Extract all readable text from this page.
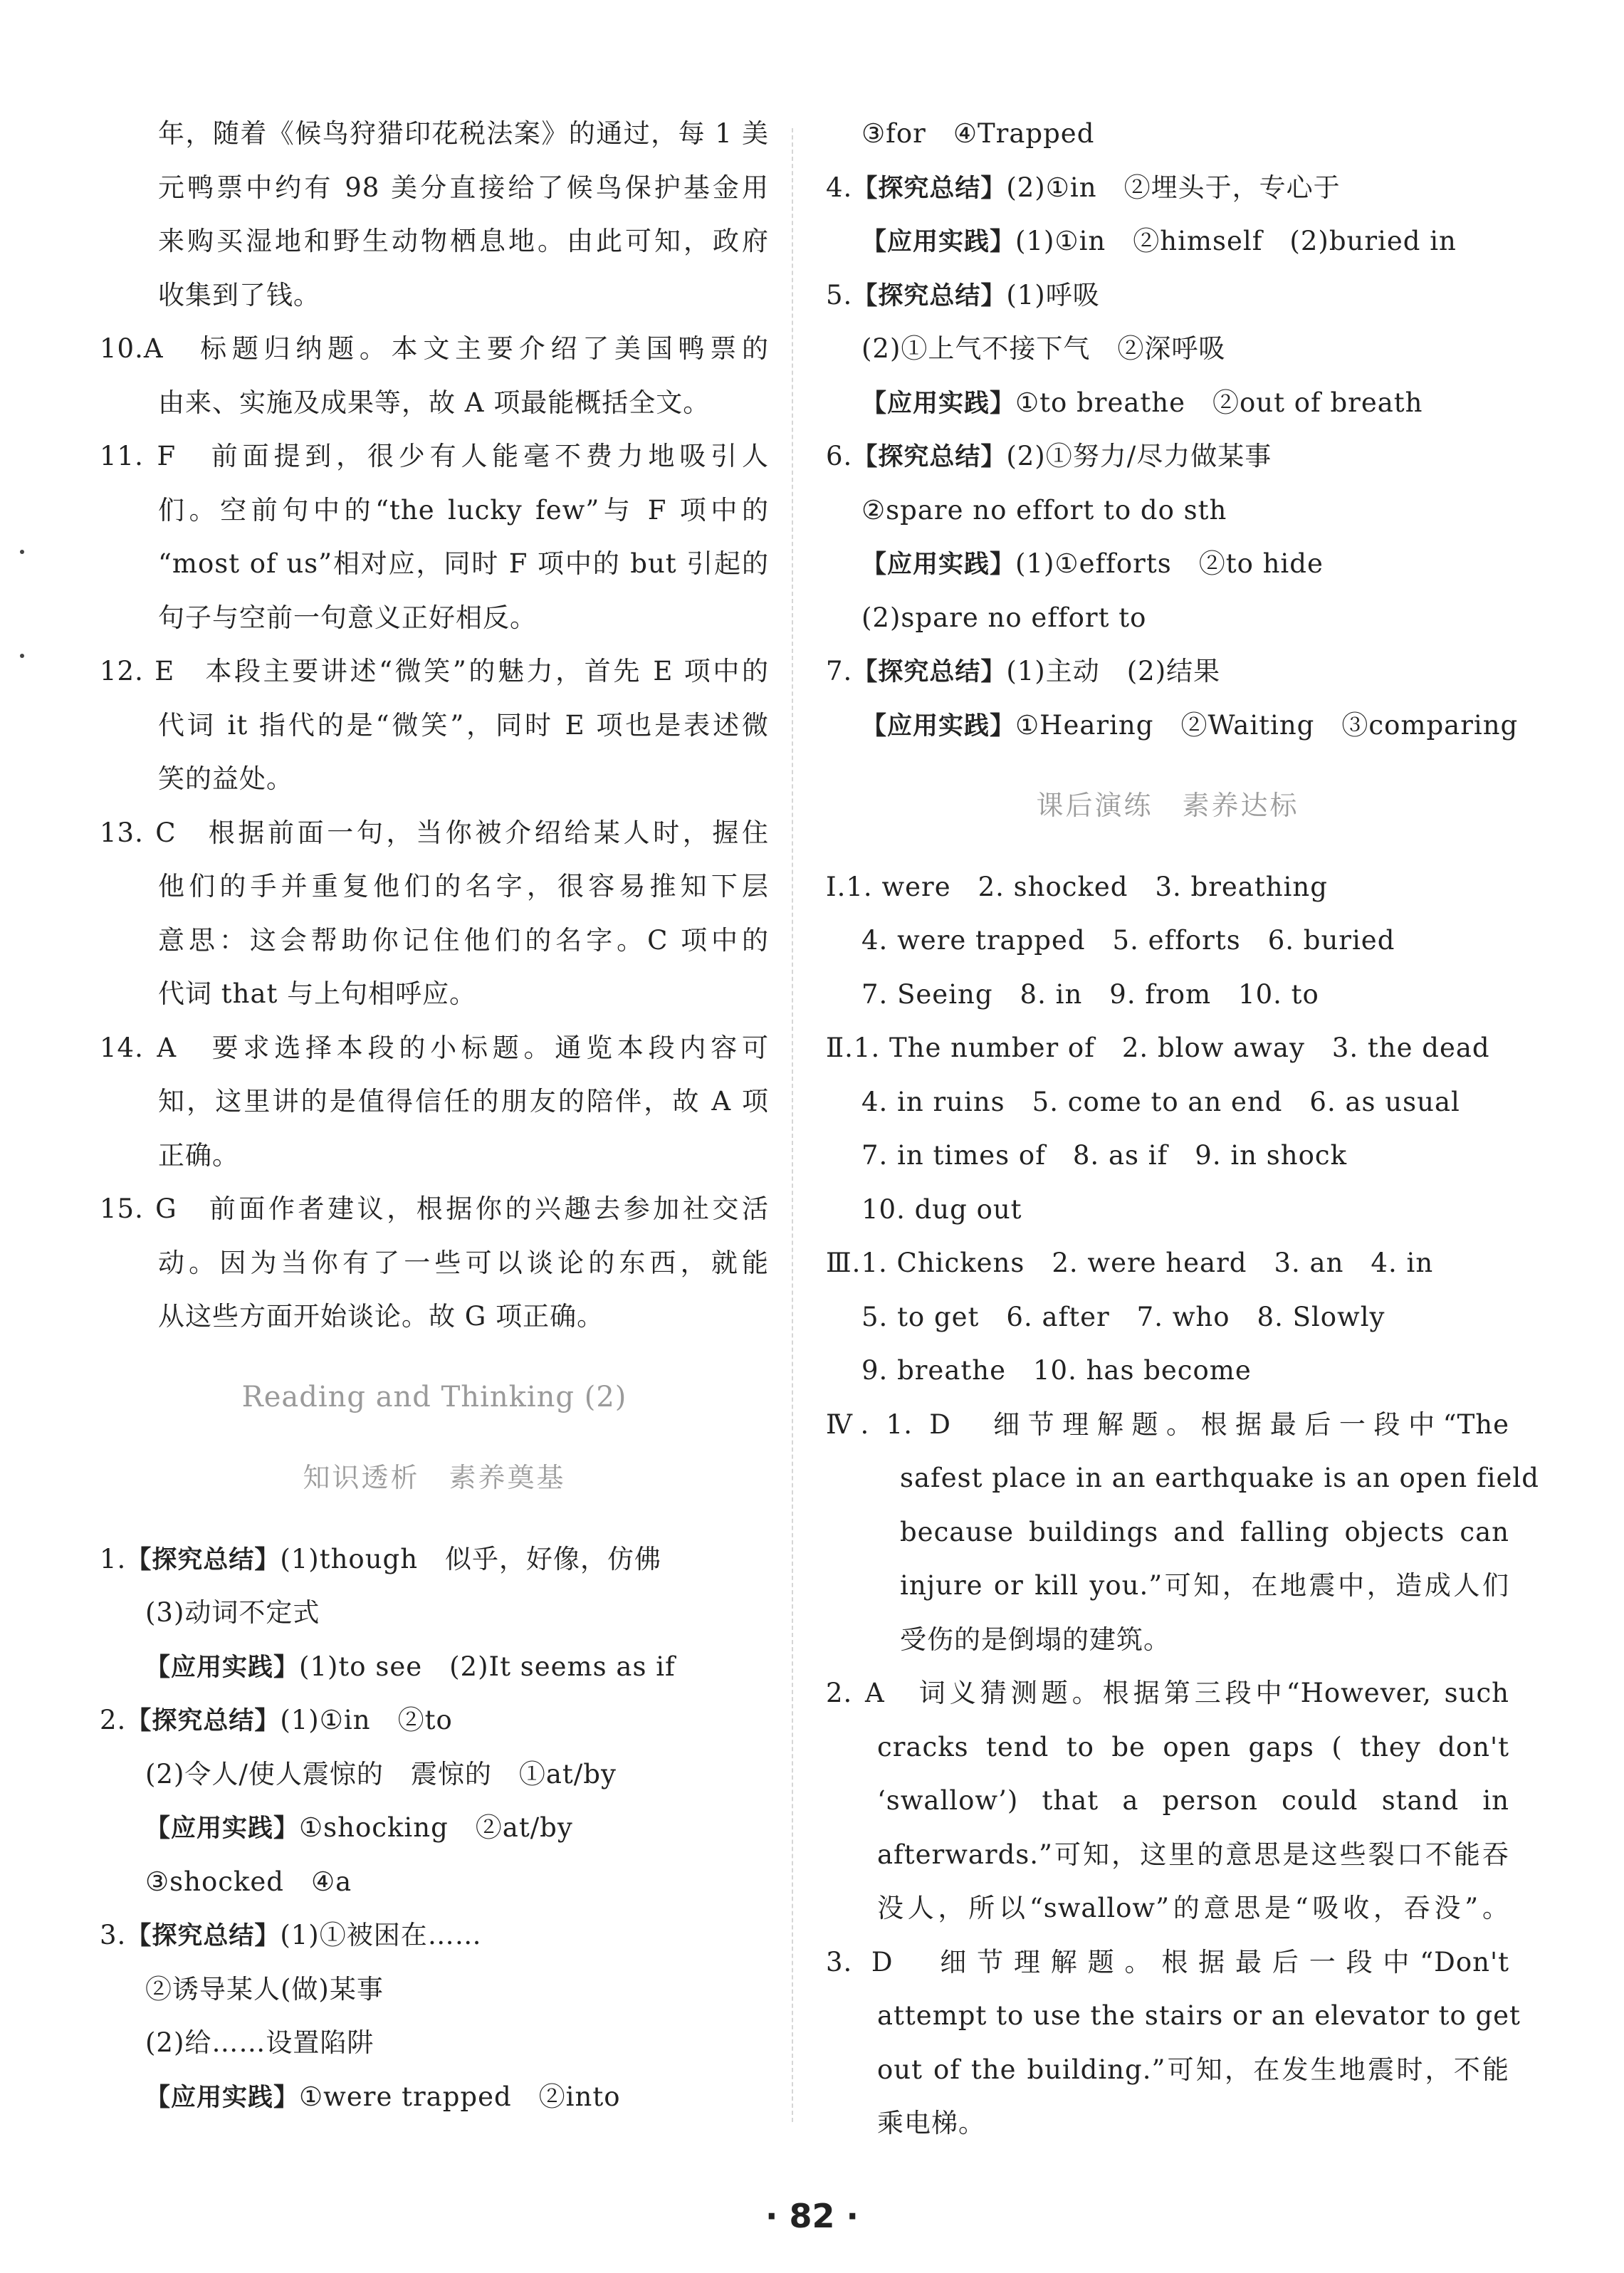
年，随着《候鸟狩猎印花税法案》的通过，每 1 美
元鸭票中约有 98 美分直接给了候鸟保护基金用
来购买湿地和野生动物栖息地。由此可知，政府
收集到了钱。
10.A　标题归纳题。本文主要介绍了美国鸭票的
由来、实施及成果等，故 A 项最能概括全文。
11. F　前面提到，很少有人能毫不费力地吸引人
们。空前句中的“the lucky few”与 F 项中的
“most of us”相对应，同时 F 项中的 but 引起的
句子与空前一句意义正好相反。
12. E　本段主要讲述“微笑”的魅力，首先 E 项中的
代词 it 指代的是“微笑”，同时 E 项也是表述微
笑的益处。
13. C　根据前面一句，当你被介绍给某人时，握住
他们的手并重复他们的名字，很容易推知下层
意思：这会帮助你记住他们的名字。C 项中的
代词 that 与上句相呼应。
14. A　要求选择本段的小标题。通览本段内容可
知，这里讲的是值得信任的朋友的陪伴，故 A 项
正确。
15. G　前面作者建议，根据你的兴趣去参加社交活
动。因为当你有了一些可以谈论的东西，就能
从这些方面开始谈论。故 G 项正确。
Reading and Thinking (2)
知识透析　素养奠基
1.【探究总结】(1)though　似乎，好像，仿佛
(3)动词不定式
【应用实践】(1)to see　(2)It seems as if
2.【探究总结】(1)①in　②to
(2)令人/使人震惊的　震惊的　①at/by
【应用实践】①shocking　②at/by
③shocked　④a
3.【探究总结】(1)①被困在……
②诱导某人(做)某事
(2)给……设置陷阱
【应用实践】①were trapped　②into
③for　④Trapped
4.【探究总结】(2)①in　②埋头于，专心于
【应用实践】(1)①in　②himself　(2)buried in
5.【探究总结】(1)呼吸
(2)①上气不接下气　②深呼吸
【应用实践】①to breathe　②out of breath
6.【探究总结】(2)①努力/尽力做某事
②spare no effort to do sth
【应用实践】(1)①efforts　②to hide
(2)spare no effort to
7.【探究总结】(1)主动　(2)结果
【应用实践】①Hearing　②Waiting　③comparing
课后演练　素养达标
Ⅰ.1. were　2. shocked　3. breathing
4. were trapped　5. efforts　6. buried
7. Seeing　8. in　9. from　10. to
Ⅱ.1. The number of　2. blow away　3. the dead
4. in ruins　5. come to an end　6. as usual
7. in times of　8. as if　9. in shock
10. dug out
Ⅲ.1. Chickens　2. were heard　3. an　4. in
5. to get　6. after　7. who　8. Slowly
9. breathe　10. has become
Ⅳ. 1. D　细节理解题。根据最后一段中“The
safest place in an earthquake is an open field
because buildings and falling objects can
injure or kill you.”可知，在地震中，造成人们
受伤的是倒塌的建筑。
2. A　词义猜测题。根据第三段中“However, such
cracks tend to be open gaps ( they don't
‘swallow’) that a person could stand in
afterwards.”可知，这里的意思是这些裂口不能吞
没人，所以“swallow”的意思是“吸收，吞没”。
3. D　细节理解题。根据最后一段中“Don't
attempt to use the stairs or an elevator to get
out of the building.”可知，在发生地震时，不能
乘电梯。
· 82 ·
